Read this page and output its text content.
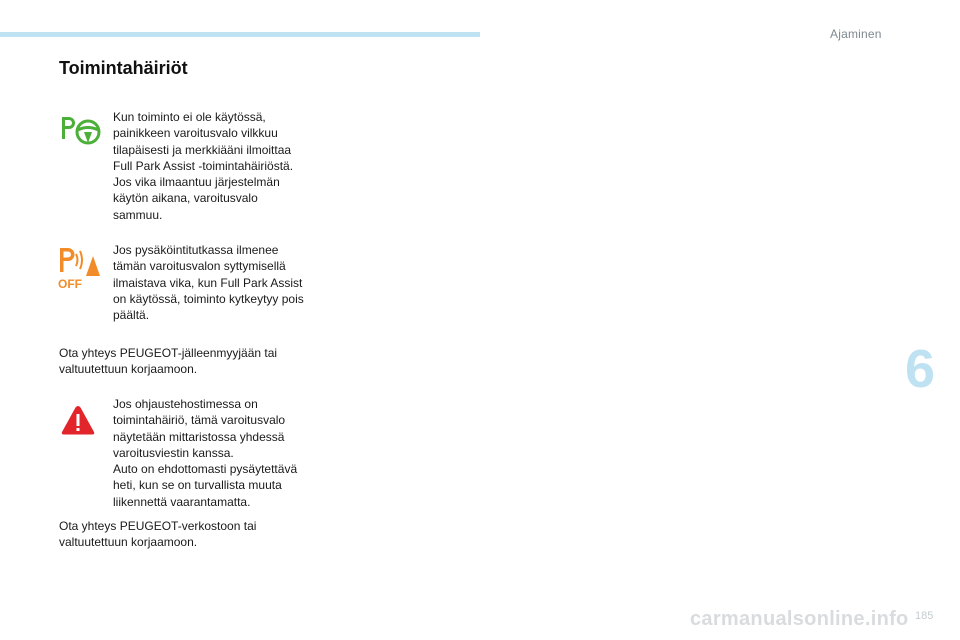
Ajaminen
Toimintahäiriöt

Kun toiminto ei ole käytössä,
painikkeen varoitusvalo vilkkuu
tilapäisesti ja merkkiääni ilmoittaa
Full Park Assist -toimintahäiriöstä.
Jos vika ilmaantuu järjestelmän
käytön aikana, varoitusvalo
sammuu.

OFF

Jos pysäköintitutkassa ilmenee
tämän varoitusvalon syttymisellä
ilmaistava vika, kun Full Park Assist
on käytössä, toiminto kytkeytyy pois
päältä.

Ota yhteys PEUGEOT-jälleenmyyjään tai
valtuutettuun korjaamoon.

Jos ohjaustehostimessa on
toimintahäiriö, tämä varoitusvalo
näytetään mittaristossa yhdessä
varoitusviestin kanssa.
Auto on ehdottomasti pysäytettävä
heti, kun se on turvallista muuta
liikennettä vaarantamatta.

Ota yhteys PEUGEOT-verkostoon tai
valtuutettuun korjaamoon.

6
carmanualsonline.info 185
